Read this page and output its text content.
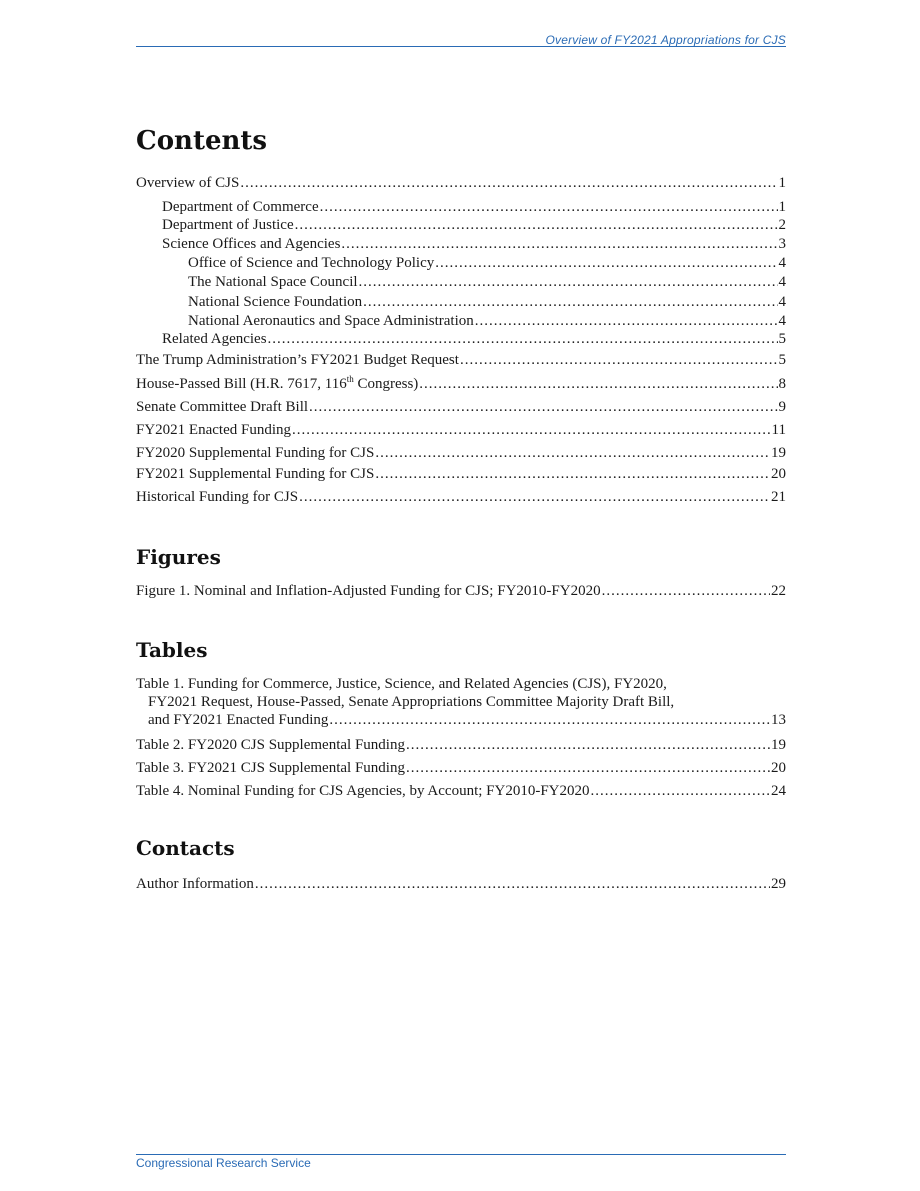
Overview of FY2021 Appropriations for CJS
Contents
Overview of CJS .....	1
Department of Commerce .....	1
Department of Justice .....	2
Science Offices and Agencies .....	3
Office of Science and Technology Policy .....	4
The National Space Council .....	4
National Science Foundation .....	4
National Aeronautics and Space Administration .....	4
Related Agencies .....	5
The Trump Administration’s FY2021 Budget Request .....	5
House-Passed Bill (H.R. 7617, 116th Congress) .....	8
Senate Committee Draft Bill .....	9
FY2021 Enacted Funding .....	11
FY2020 Supplemental Funding for CJS .....	19
FY2021 Supplemental Funding for CJS .....	20
Historical Funding for CJS .....	21
Figures
Figure 1. Nominal and Inflation-Adjusted Funding for CJS; FY2010-FY2020 .....	22
Tables
Table 1. Funding for Commerce, Justice, Science, and Related Agencies (CJS), FY2020,
FY2021 Request, House-Passed, Senate Appropriations Committee Majority Draft Bill,
and FY2021 Enacted Funding .....	13
Table 2. FY2020 CJS Supplemental Funding .....	19
Table 3. FY2021 CJS Supplemental Funding .....	20
Table 4. Nominal Funding for CJS Agencies, by Account; FY2010-FY2020 .....	24
Contacts
Author Information .....	29
Congressional Research Service
